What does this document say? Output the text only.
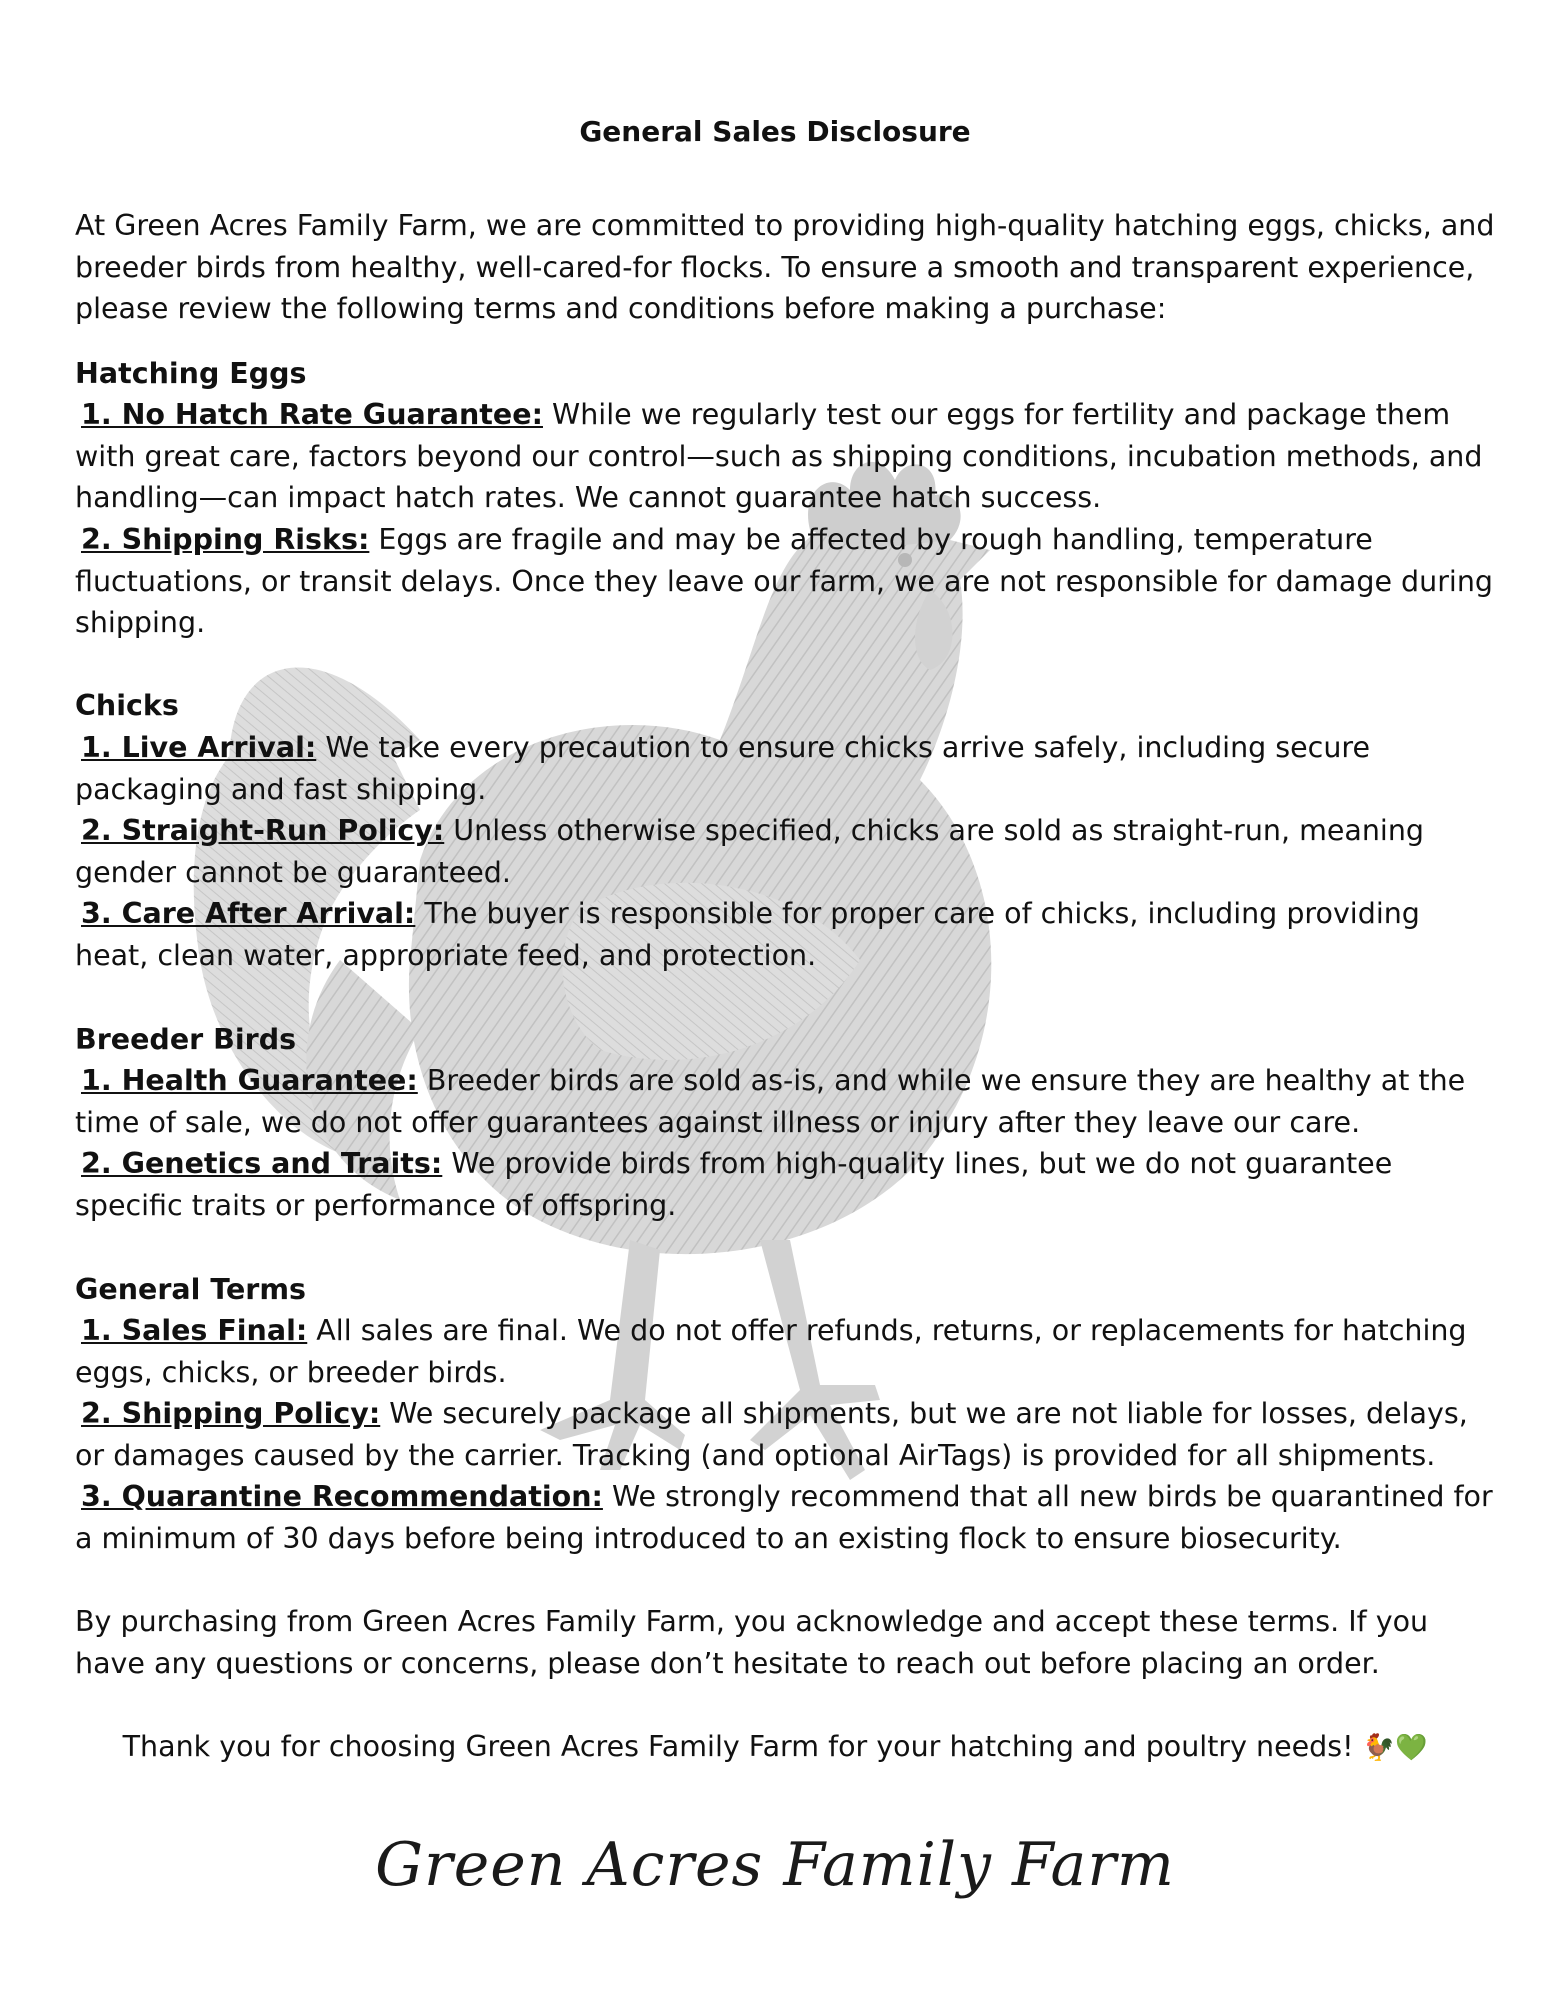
General Sales Disclosure

At Green Acres Family Farm, we are committed to providing high-quality hatching eggs, chicks, and breeder birds from healthy, well-cared-for flocks. To ensure a smooth and transparent experience, please review the following terms and conditions before making a purchase:

Hatching Eggs

1. No Hatch Rate Guarantee: While we regularly test our eggs for fertility and package them with great care, factors beyond our control—such as shipping conditions, incubation methods, and handling—can impact hatch rates. We cannot guarantee hatch success.

2. Shipping Risks: Eggs are fragile and may be affected by rough handling, temperature fluctuations, or transit delays. Once they leave our farm, we are not responsible for damage during shipping.

Chicks

1. Live Arrival: We take every precaution to ensure chicks arrive safely, including secure packaging and fast shipping.

2. Straight-Run Policy: Unless otherwise specified, chicks are sold as straight-run, meaning gender cannot be guaranteed.

3. Care After Arrival: The buyer is responsible for proper care of chicks, including providing heat, clean water, appropriate feed, and protection.

Breeder Birds

1. Health Guarantee: Breeder birds are sold as-is, and while we ensure they are healthy at the time of sale, we do not offer guarantees against illness or injury after they leave our care.

2. Genetics and Traits: We provide birds from high-quality lines, but we do not guarantee specific traits or performance of offspring.

General Terms

1. Sales Final: All sales are final. We do not offer refunds, returns, or replacements for hatching eggs, chicks, or breeder birds.

2. Shipping Policy: We securely package all shipments, but we are not liable for losses, delays, or damages caused by the carrier. Tracking (and optional AirTags) is provided for all shipments.

3. Quarantine Recommendation: We strongly recommend that all new birds be quarantined for a minimum of 30 days before being introduced to an existing flock to ensure biosecurity.

By purchasing from Green Acres Family Farm, you acknowledge and accept these terms. If you have any questions or concerns, please don’t hesitate to reach out before placing an order.

Thank you for choosing Green Acres Family Farm for your hatching and poultry needs! 🐓💚
Green Acres Family Farm
